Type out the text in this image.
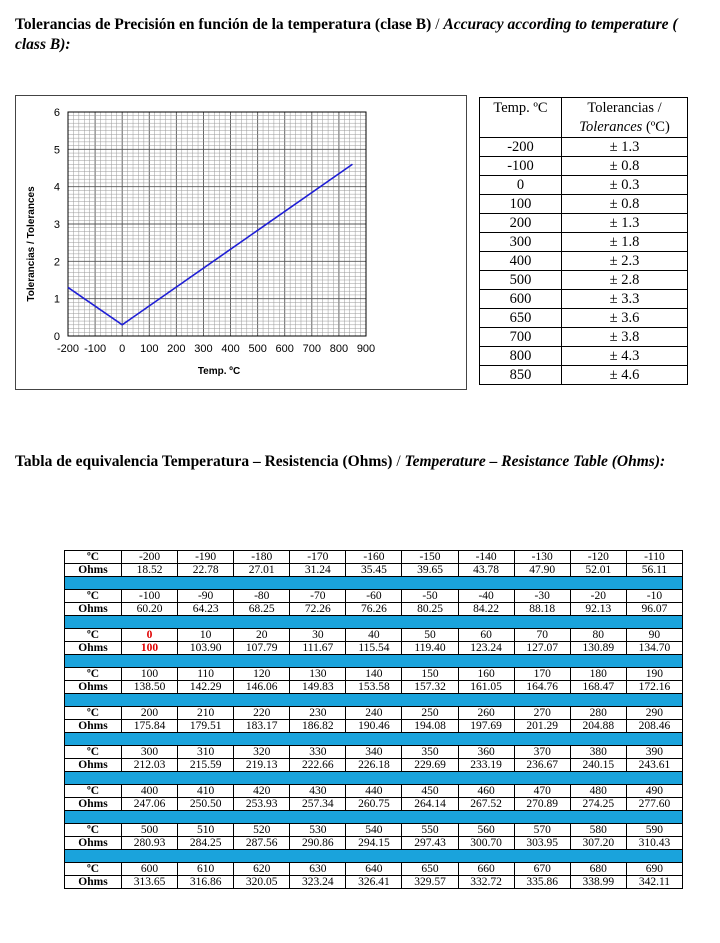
Tolerancias de Precisión en función de la temperatura (clase B) / Accuracy according to temperature ( class B):
-200 -100 0 100 200 300 400 500 600 700 800 900
0
1
2
3
4
5
6
Temp. ºC
Tolerancias / Tolerances
Temp. ºC	Tolerancias /
Tolerances (ºC)
-200	± 1.3
-100	± 0.8
0	± 0.3
100	± 0.8
200	± 1.3
300	± 1.8
400	± 2.3
500	± 2.8
600	± 3.3
650	± 3.6
700	± 3.8
800	± 4.3
850	± 4.6
Tabla de equivalencia Temperatura – Resistencia (Ohms) / Temperature – Resistance Table (Ohms):
ºC	-200	-190	-180	-170	-160	-150	-140	-130	-120	-110
Ohms	18.52	22.78	27.01	31.24	35.45	39.65	43.78	47.90	52.01	56.11

ºC	-100	-90	-80	-70	-60	-50	-40	-30	-20	-10
Ohms	60.20	64.23	68.25	72.26	76.26	80.25	84.22	88.18	92.13	96.07

ºC	0	10	20	30	40	50	60	70	80	90
Ohms	100	103.90	107.79	111.67	115.54	119.40	123.24	127.07	130.89	134.70

ºC	100	110	120	130	140	150	160	170	180	190
Ohms	138.50	142.29	146.06	149.83	153.58	157.32	161.05	164.76	168.47	172.16

ºC	200	210	220	230	240	250	260	270	280	290
Ohms	175.84	179.51	183.17	186.82	190.46	194.08	197.69	201.29	204.88	208.46

ºC	300	310	320	330	340	350	360	370	380	390
Ohms	212.03	215.59	219.13	222.66	226.18	229.69	233.19	236.67	240.15	243.61

ºC	400	410	420	430	440	450	460	470	480	490
Ohms	247.06	250.50	253.93	257.34	260.75	264.14	267.52	270.89	274.25	277.60

ºC	500	510	520	530	540	550	560	570	580	590
Ohms	280.93	284.25	287.56	290.86	294.15	297.43	300.70	303.95	307.20	310.43

ºC	600	610	620	630	640	650	660	670	680	690
Ohms	313.65	316.86	320.05	323.24	326.41	329.57	332.72	335.86	338.99	342.11
